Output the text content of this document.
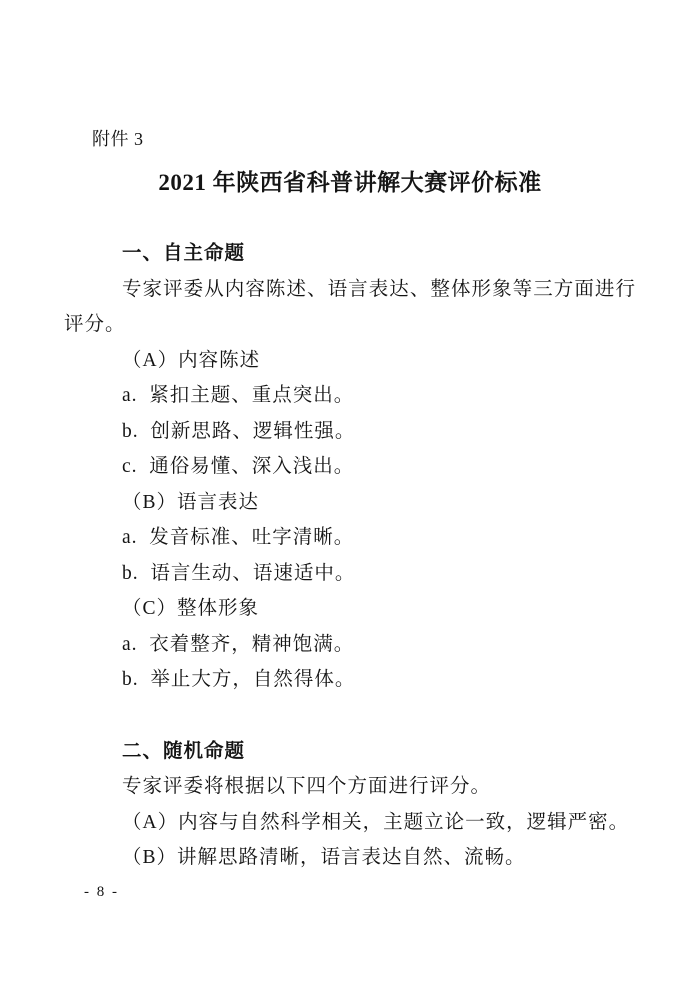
附件 3
2021 年陕西省科普讲解大赛评价标准
一、自主命题

专家评委从内容陈述、语言表达、整体形象等三方面进行评分。

（A）内容陈述
a.  紧扣主题、重点突出。
b.  创新思路、逻辑性强。
c.  通俗易懂、深入浅出。
（B）语言表达
a.  发音标准、吐字清晰。
b.  语言生动、语速适中。
（C）整体形象
a.  衣着整齐，精神饱满。
b.  举止大方，自然得体。
二、随机命题

专家评委将根据以下四个方面进行评分。

（A）内容与自然科学相关，主题立论一致，逻辑严密。
（B）讲解思路清晰，语言表达自然、流畅。
- 8 -
